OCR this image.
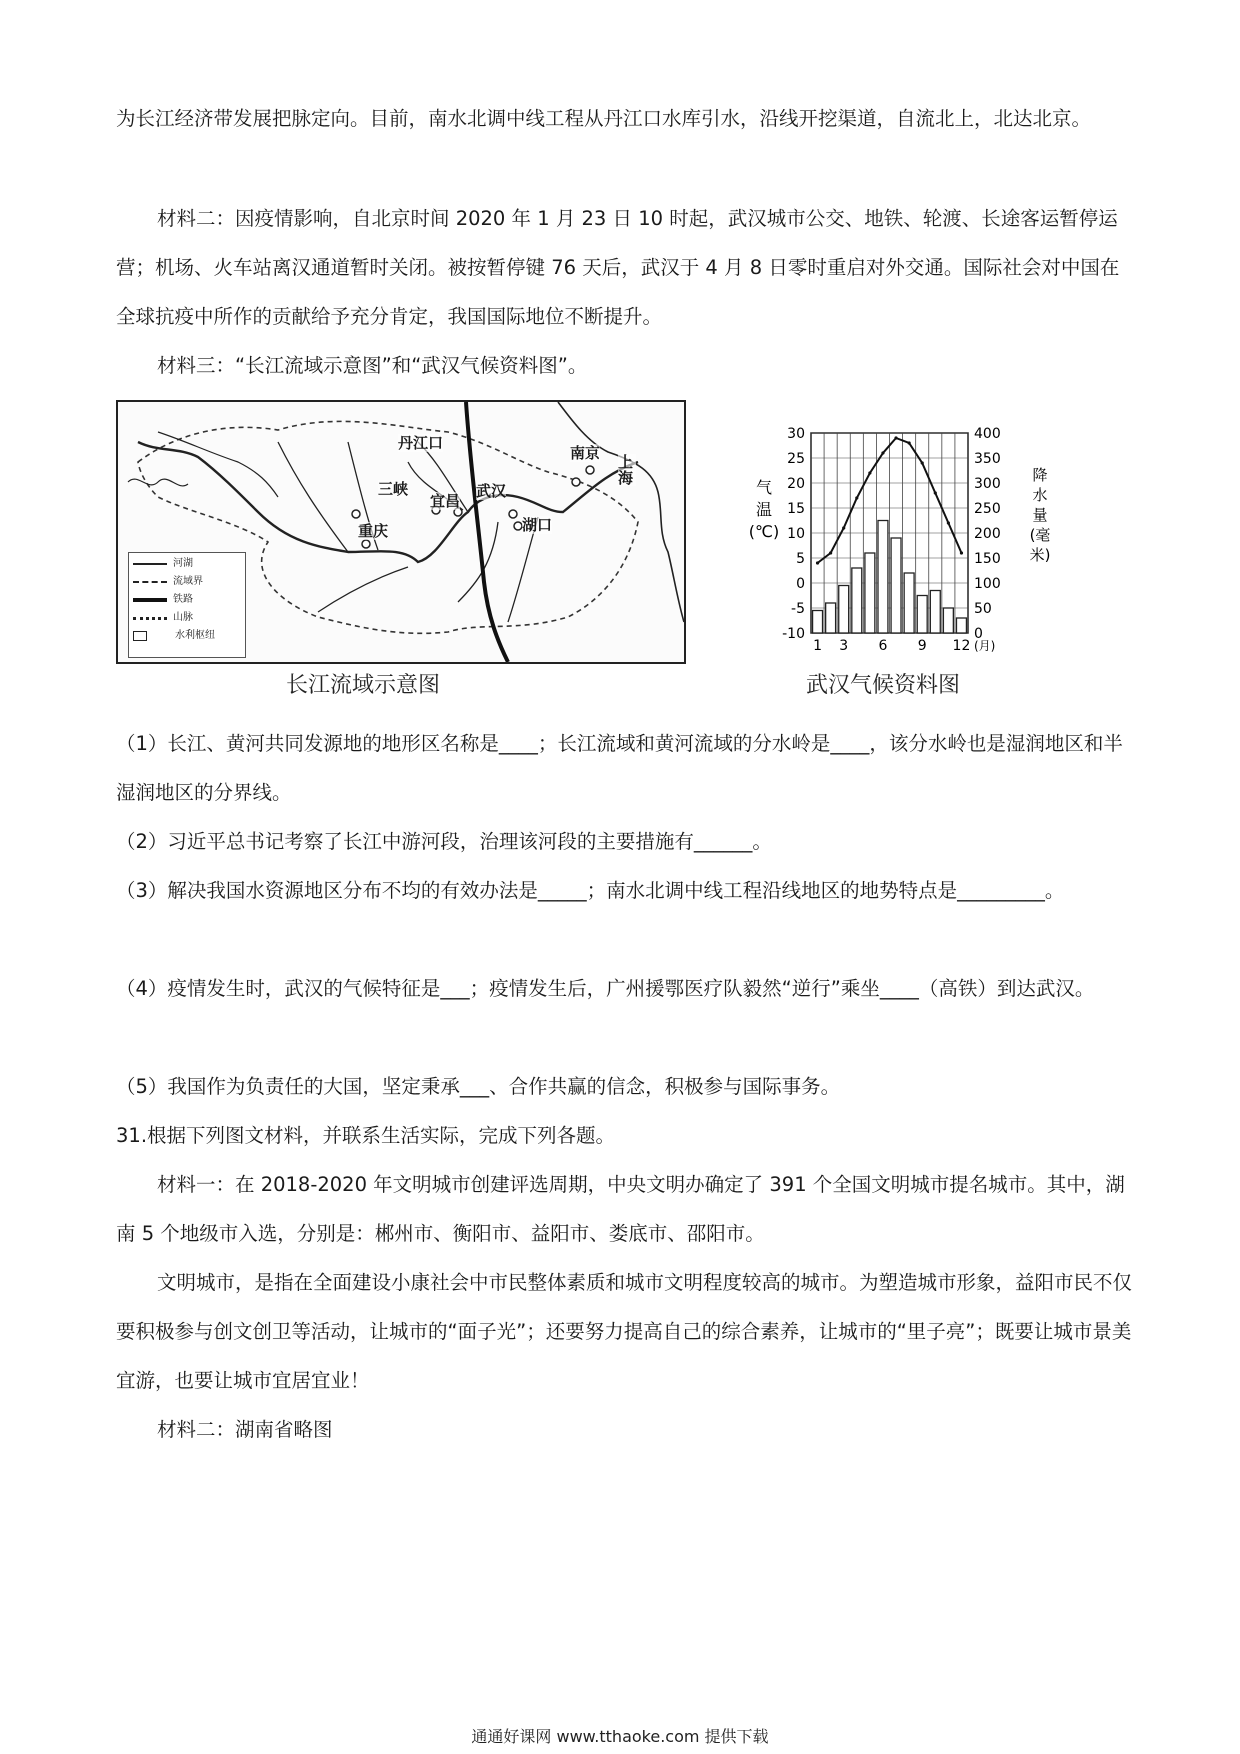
为长江经济带发展把脉定向。目前，南水北调中线工程从丹江口水库引水，沿线开挖渠道，自流北上，北达北京。

材料二：因疫情影响，自北京时间 2020 年 1 月 23 日 10 时起，武汉城市公交、地铁、轮渡、长途客运暂停运营；机场、火车站离汉通道暂时关闭。被按暂停键 76 天后，武汉于 4 月 8 日零时重启对外交通。国际社会对中国在全球抗疫中所作的贡献给予充分肯定，我国国际地位不断提升。

材料三：“长江流域示意图”和“武汉气候资料图”。

丹江口
三峡
宜昌
武汉
重庆
南京 上海
湖口
河湖
流域界
铁路
山脉
水利枢纽
长江流域示意图
30
25
20
15
10
5
0
-5
-10
400
350
300
250
200
150
100
50
0
1 3 6 9 12 (月)
气
温
(℃)
降
水
量
(毫
米)
武汉气候资料图

（1）长江、黄河共同发源地的地形区名称是____；长江流域和黄河流域的分水岭是____，该分水岭也是湿润地区和半湿润地区的分界线。

（2）习近平总书记考察了长江中游河段，治理该河段的主要措施有______。

（3）解决我国水资源地区分布不均的有效办法是_____；南水北调中线工程沿线地区的地势特点是_________。

（4）疫情发生时，武汉的气候特征是___；疫情发生后，广州援鄂医疗队毅然“逆行”乘坐____（高铁）到达武汉。

（5）我国作为负责任的大国，坚定秉承___、合作共赢的信念，积极参与国际事务。

31.根据下列图文材料，并联系生活实际，完成下列各题。

材料一：在 2018-2020 年文明城市创建评选周期，中央文明办确定了 391 个全国文明城市提名城市。其中，湖南 5 个地级市入选，分别是：郴州市、衡阳市、益阳市、娄底市、邵阳市。

文明城市，是指在全面建设小康社会中市民整体素质和城市文明程度较高的城市。为塑造城市形象，益阳市民不仅要积极参与创文创卫等活动，让城市的“面子光”；还要努力提高自己的综合素养，让城市的“里子亮”；既要让城市景美宜游，也要让城市宜居宜业！

材料二：湖南省略图

通通好课网 www.tthaoke.com 提供下载
